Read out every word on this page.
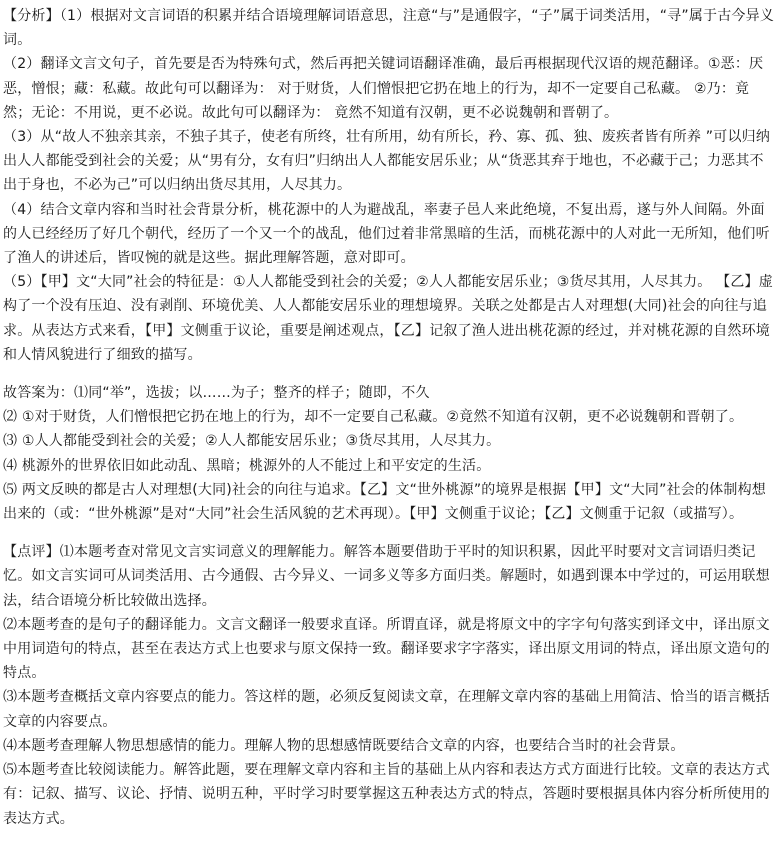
【分析】（1）根据对文言词语的积累并结合语境理解词语意思，注意“与”是通假字，“子”属于词类活用，“寻”属于古今异义词。

（2）翻译文言文句子，首先要是否为特殊句式，然后再把关键词语翻译准确，最后再根据现代汉语的规范翻译。①恶：厌恶，憎恨；藏：私藏。故此句可以翻译为： 对于财货，人们憎恨把它扔在地上的行为，却不一定要自己私藏。 ②乃：竟然；无论：不用说，更不必说。故此句可以翻译为： 竟然不知道有汉朝，更不必说魏朝和晋朝了。

（3）从“故人不独亲其亲，不独子其子，使老有所终，壮有所用，幼有所长，矜、寡、孤、独、废疾者皆有所养 ”可以归纳出人人都能受到社会的关爱；从“男有分，女有归”归纳出人人都能安居乐业；从“货恶其弃于地也，不必藏于己；力恶其不出于身也，不必为己”可以归纳出货尽其用，人尽其力。

（4）结合文章内容和当时社会背景分析，桃花源中的人为避战乱，率妻子邑人来此绝境，不复出焉，遂与外人间隔。外面的人已经经历了好几个朝代，经历了一个又一个的战乱，他们过着非常黑暗的生活，而桃花源中的人对此一无所知，他们听了渔人的讲述后，皆叹惋的就是这些。据此理解答题，意对即可。

（5）【甲】文“大同”社会的特征是：①人人都能受到社会的关爱；②人人都能安居乐业；③货尽其用，人尽其力。 【乙】虚构了一个没有压迫、没有剥削、环境优美、人人都能安居乐业的理想境界。关联之处都是古人对理想(大同)社会的向往与追求。从表达方式来看，【甲】文侧重于议论，重要是阐述观点，【乙】记叙了渔人进出桃花源的经过，并对桃花源的自然环境和人情风貌进行了细致的描写。

故答案为：⑴同“举”，选拔；以……为子；整齐的样子；随即，不久

⑵ ①对于财货，人们憎恨把它扔在地上的行为，却不一定要自己私藏。②竟然不知道有汉朝，更不必说魏朝和晋朝了。

⑶ ①人人都能受到社会的关爱；②人人都能安居乐业；③货尽其用，人尽其力。

⑷ 桃源外的世界依旧如此动乱、黑暗；桃源外的人不能过上和平安定的生活。

⑸ 两文反映的都是古人对理想(大同)社会的向往与追求。【乙】文“世外桃源”的境界是根据【甲】文“大同”社会的体制构想出来的（或：“世外桃源”是对“大同”社会生活风貌的艺术再现）。【甲】文侧重于议论；【乙】文侧重于记叙（或描写）。

【点评】⑴本题考查对常见文言实词意义的理解能力。解答本题要借助于平时的知识积累，因此平时要对文言词语归类记忆。如文言实词可从词类活用、古今通假、古今异义、一词多义等多方面归类。解题时，如遇到课本中学过的，可运用联想法，结合语境分析比较做出选择。

⑵本题考查的是句子的翻译能力。文言文翻译一般要求直译。所谓直译，就是将原文中的字字句句落实到译文中，译出原文中用词造句的特点，甚至在表达方式上也要求与原文保持一致。翻译要求字字落实，译出原文用词的特点，译出原文造句的特点。

⑶本题考查概括文章内容要点的能力。答这样的题，必须反复阅读文章，在理解文章内容的基础上用简洁、恰当的语言概括文章的内容要点。

⑷本题考查理解人物思想感情的能力。理解人物的思想感情既要结合文章的内容，也要结合当时的社会背景。

⑸本题考查比较阅读能力。解答此题，要在理解文章内容和主旨的基础上从内容和表达方式方面进行比较。文章的表达方式有：记叙、描写、议论、抒情、说明五种，平时学习时要掌握这五种表达方式的特点，答题时要根据具体内容分析所使用的表达方式。
